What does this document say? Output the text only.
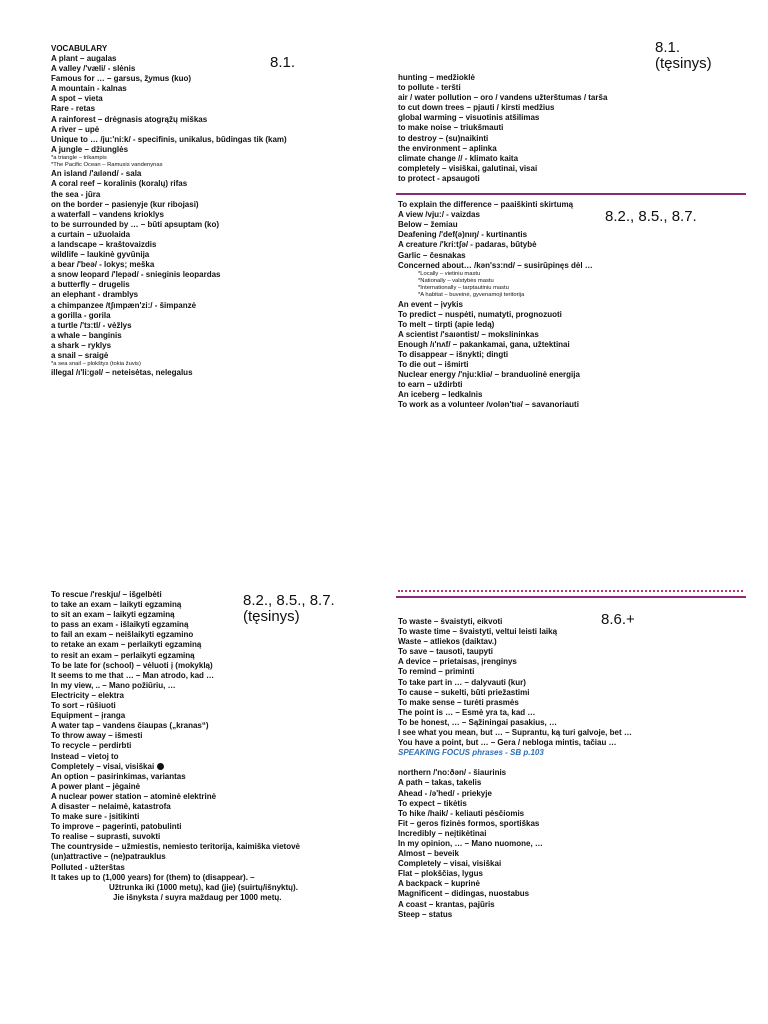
8.1.
8.1.
(tęsinys)
8.2., 8.5., 8.7.
8.2., 8.5., 8.7.
(tęsinys)	8.6.+
VOCABULARY
A plant – augalas
A valley /'væli/ - slėnis
Famous for … – garsus, ž̧ymus (kuo)
A mountain - kalnas
A spot – vieta
Rare - retas
A rainforest – drėgnasis atogrąžų miškas
A river – upė
Unique to … /ju:'ni:k/ - specifinis, unikalus, būdingas tik (kam)
A jungle – džiunglės
*a triangle – trikampis
*The Pacific Ocean – Ramusis vandenynas
An island /'aılənd/ - sala
A coral reef – koralinis (koralų) rifas
the sea - jūra
on the border – pasienyje (kur ribojasi)
a waterfall – vandens krioklys
to be surrounded by … – būti apsuptam (ko)
a curtain – užuolaida
a landscape – kraštovaizdis
wildlife – laukinė gyvūnija
a bear /'beə/ - lokys; meška
a snow leopard /'lepəd/ - snieginis leopardas
a butterfly – drugelis
an elephant - dramblys
a chimpanzee /tʃımpæn'zi:/ - šimpanzė
a gorilla - gorila
a turtle /'tɜ:tl/ - vėžlys
a whale – banginis
a shark – ryklys
a snail – sraigė
*a sea snail – plokštys (tokia žuvis)
illegal /ı'li:gəl/ – neteisėtas, nelegalus
hunting – medžioklė
to pollute - teršti
air / water pollution – oro / vandens užterštumas / tarša
to cut down trees – pjauti / kirsti medžius
global warming – visuotinis atšilimas
to make noise – triukšmauti
to destroy – (su)naikinti
the environment – aplinka
climate change // - klimato kaita
completely – visiškai, galutinai, visai
to protect - apsaugoti
To explain the difference – paaiškinti skirtumą
A view /vju:/ - vaizdas
Below – žemiau
Deafening /'def(ə)nıŋ/ - kurtinantis
A creature /'kri:tʃə/ - padaras, būtybė
Garlic – česnakas
Concerned about… /kən'sɜ:nd/ – susirūpinęs dėl …
*Locally – vietiniu mastu
*Nationally – valstybės mastu
*Internationally – tarptautiniu mastu
*A habitat – buveinė, gyvenamoji teritorija
An event – įvykis
To predict – nuspėti, numatyti, prognozuoti
To melt – tirpti (apie ledą)
A scientist /'saıəntist/ – mokslininkas
Enough /ı'nʌf/ – pakankamai, gana, užtektinai
To disappear – išnykti; dingti
To die out – išmirti
Nuclear energy /'nju:kliə/ – branduolinė energija
to earn – uždirbti
An iceberg – ledkalnis
To work as a volunteer /volən'tıə/ – savanoriauti
To rescue /'reskju/ – išgelbėti
to take an exam – laikyti egzaminą
to sit an exam – laikyti egzaminą
to pass an exam - išlaikyti egzaminą
to fail an exam – neišlaikyti egzamino
to retake an exam – perlaikyti egzaminą
to resit an exam – perlaikyti egzaminą
To be late for (school) – vėluoti į (mokyklą)
It seems to me that … – Man atrodo, kad …
In my view, .. – Mano požiūriu, …
Electricity – elektra
To sort – rūšiuoti
Equipment – įranga
A water tap – vandens čiaupas („kranas“)
To throw away – išmesti
To recycle – perdirbti
Instead – vietoj to
Completely – visai, visiškai
An option – pasirinkimas, variantas
A power plant – jėgainė
A nuclear power station – atominė elektrinė
A disaster – nelaimė, katastrofa
To make sure - įsitikinti
To improve – pagerinti, patobulinti
To realise – suprasti, suvokti
The countryside – užmiestis, nemiesto teritorija, kaimiška vietovė
(un)attractive – (ne)patrauklus
Polluted - užterštas
It takes up to (1,000 years) for (them) to (disappear). –
Užtrunka iki (1000 metų), kad (jie) (suirtų/išnyktų).
Jie išnyksta / suyra maždaug per 1000 metų.
To waste – švaistyti, eikvoti
To waste time – švaistyti, veltui leisti laiką
Waste – atliekos (daiktav.)
To save – tausoti, taupyti
A device – prietaisas, įrenginys
To remind – priminti
To take part in … – dalyvauti (kur)
To cause – sukelti, būti priežastimi
To make sense – turėti prasmės
The point is … – Esmė yra ta, kad …
To be honest, … – Sąžiningai pasakius, …
I see what you mean, but … – Suprantu, ką turi galvoje, bet …
You have a point, but … – Gera / nebloga mintis, tačiau …
SPEAKING FOCUS phrases - SB p.103
northern /'no:ðən/ - šiaurinis
A path – takas, takelis
Ahead - /ə'hed/ - priekyje
To expect – tikėtis
To hike /haik/ - keliauti pėsčiomis
Fit – geros fizinės formos, sportiškas
Incredibly – neįtikėtinai
In my opinion, … – Mano nuomone, …
Almost – beveik
Completely – visai, visiškai
Flat – plokščias, lygus
A backpack – kuprinė
Magnificent – didingas, nuostabus
A coast – krantas, pajūris
Steep – status
